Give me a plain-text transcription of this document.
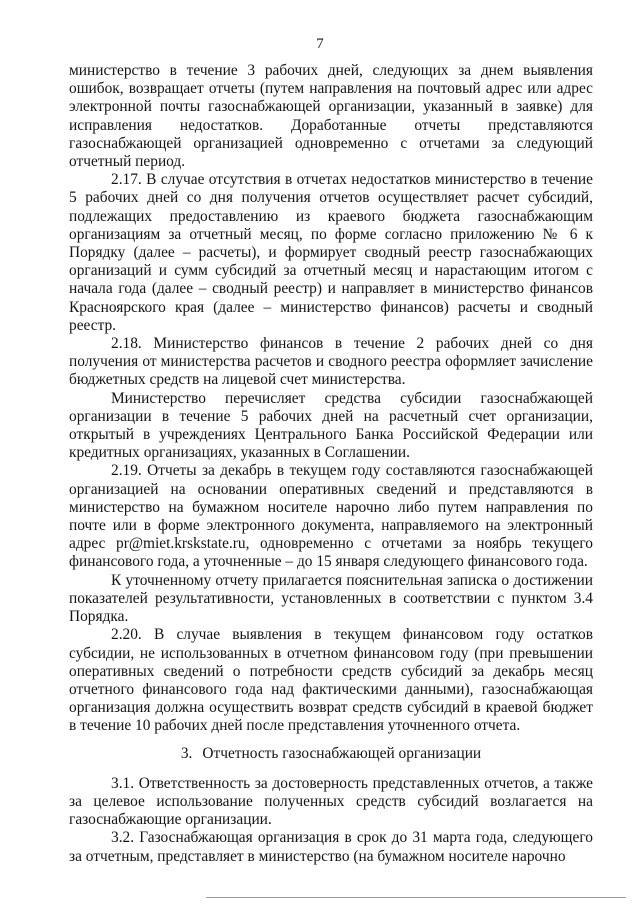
7

министерство в течение 3 рабочих дней, следующих за днем выявления ошибок, возвращает отчеты (путем направления на почтовый адрес или адрес электронной почты газоснабжающей организации, указанный в заявке) для исправления недостатков. Доработанные отчеты представляются газоснабжающей организацией одновременно с отчетами за следующий отчетный период.

2.17. В случае отсутствия в отчетах недостатков министерство в течение 5 рабочих дней со дня получения отчетов осуществляет расчет субсидий, подлежащих предоставлению из краевого бюджета газоснабжающим организациям за отчетный месяц, по форме согласно приложению № 6 к Порядку (далее – расчеты), и формирует сводный реестр газоснабжающих организаций и сумм субсидий за отчетный месяц и нарастающим итогом с начала года (далее – сводный реестр) и направляет в министерство финансов Красноярского края (далее – министерство финансов) расчеты и сводный реестр.

2.18. Министерство финансов в течение 2 рабочих дней со дня получения от министерства расчетов и сводного реестра оформляет зачисление бюджетных средств на лицевой счет министерства.

Министерство перечисляет средства субсидии газоснабжающей организации в течение 5 рабочих дней на расчетный счет организации, открытый в учреждениях Центрального Банка Российской Федерации или кредитных организациях, указанных в Соглашении.

2.19. Отчеты за декабрь в текущем году составляются газоснабжающей организацией на основании оперативных сведений и представляются в министерство на бумажном носителе нарочно либо путем направления по почте или в форме электронного документа, направляемого на электронный адрес pr@miet.krskstate.ru, одновременно с отчетами за ноябрь текущего финансового года, а уточненные – до 15 января следующего финансового года.

К уточненному отчету прилагается пояснительная записка о достижении показателей результативности, установленных в соответствии с пунктом 3.4 Порядка.

2.20. В случае выявления в текущем финансовом году остатков субсидии, не использованных в отчетном финансовом году (при превышении оперативных сведений о потребности средств субсидий за декабрь месяц отчетного финансового года над фактическими данными), газоснабжающая организация должна осуществить возврат средств субсидий в краевой бюджет в течение 10 рабочих дней после представления уточненного отчета.

3. Отчетность газоснабжающей организации

3.1. Ответственность за достоверность представленных отчетов, а также за целевое использование полученных средств субсидий возлагается на газоснабжающие организации.

3.2. Газоснабжающая организация в срок до 31 марта года, следующего за отчетным, представляет в министерство (на бумажном носителе нарочно
